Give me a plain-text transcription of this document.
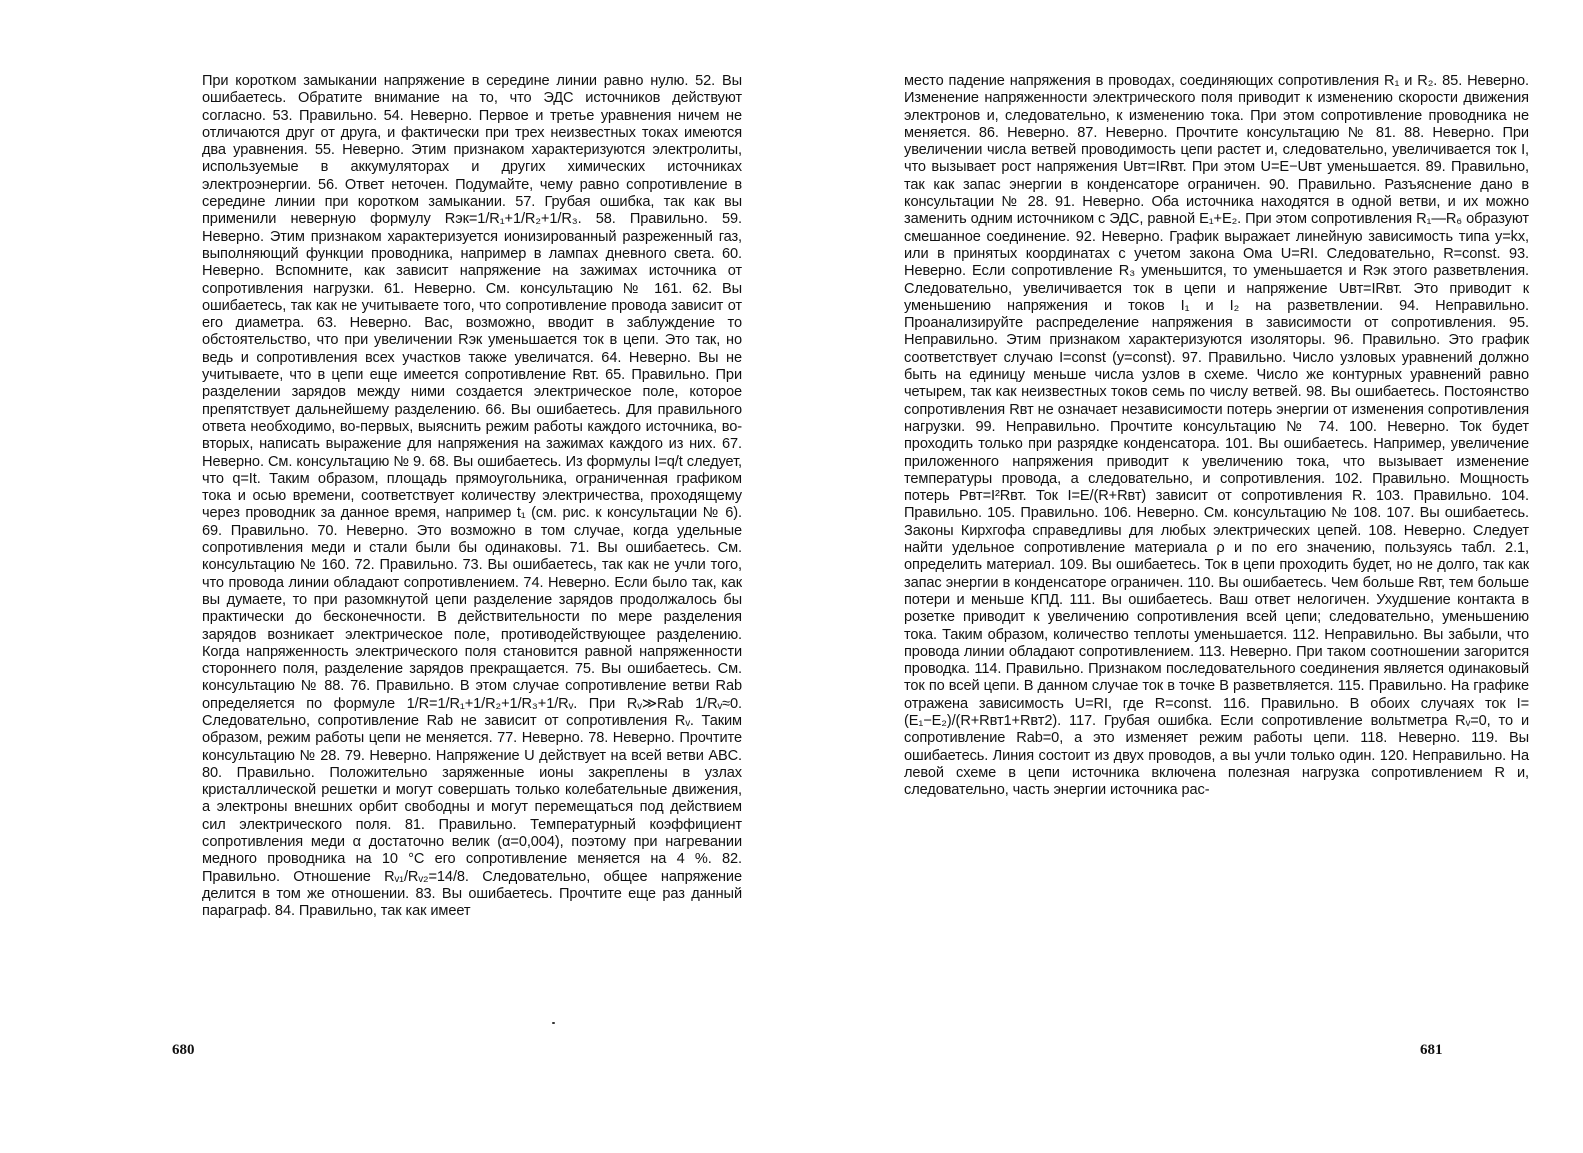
При коротком замыкании напряжение в середине линии равно нулю. 52. Вы ошибаетесь. Обратите внимание на то, что ЭДС источников действуют согласно. 53. Правильно. 54. Неверно. Первое и третье уравнения ничем не отличаются друг от друга, и фактически при трех неизвестных токах имеются два уравнения. 55. Неверно. Этим признаком характеризуются электролиты, используемые в аккумуляторах и других химических источниках электроэнергии. 56. Ответ неточен. Подумайте, чему равно сопротивление в середине линии при коротком замыкании. 57. Грубая ошибка, так как вы применили неверную формулу Rэк=1/R₁+1/R₂+1/R₃. 58. Правильно. 59. Неверно. Этим признаком характеризуется ионизированный разреженный газ, выполняющий функции проводника, например в лампах дневного света. 60. Неверно. Вспомните, как зависит напряжение на зажимах источника от сопротивления нагрузки. 61. Неверно. См. консультацию № 161. 62. Вы ошибаетесь, так как не учитываете того, что сопротивление провода зависит от его диаметра. 63. Неверно. Вас, возможно, вводит в заблуждение то обстоятельство, что при увеличении Rэк уменьшается ток в цепи. Это так, но ведь и сопротивления всех участков также увеличатся. 64. Неверно. Вы не учитываете, что в цепи еще имеется сопротивление Rвт. 65. Правильно. При разделении зарядов между ними создается электрическое поле, которое препятствует дальнейшему разделению. 66. Вы ошибаетесь. Для правильного ответа необходимо, во-первых, выяснить режим работы каждого источника, во-вторых, написать выражение для напряжения на зажимах каждого из них. 67. Неверно. См. консультацию № 9. 68. Вы ошибаетесь. Из формулы I=q/t следует, что q=It. Таким образом, площадь прямоугольника, ограниченная графиком тока и осью времени, соответствует количеству электричества, проходящему через проводник за данное время, например t₁ (см. рис. к консультации № 6). 69. Правильно. 70. Неверно. Это возможно в том случае, когда удельные сопротивления меди и стали были бы одинаковы. 71. Вы ошибаетесь. См. консультацию № 160. 72. Правильно. 73. Вы ошибаетесь, так как не учли того, что провода линии обладают сопротивлением. 74. Неверно. Если было так, как вы думаете, то при разомкнутой цепи разделение зарядов продолжалось бы практически до бесконечности. В действительности по мере разделения зарядов возникает электрическое поле, противодействующее разделению. Когда напряженность электрического поля становится равной напряженности стороннего поля, разделение зарядов прекращается. 75. Вы ошибаетесь. См. консультацию № 88. 76. Правильно. В этом случае сопротивление ветви Rab определяется по формуле 1/R=1/R₁+1/R₂+1/R₃+1/Rᵥ. При Rᵥ≫Rab 1/Rᵥ≈0. Следовательно, сопротивление Rab не зависит от сопротивления Rᵥ. Таким образом, режим работы цепи не меняется. 77. Неверно. 78. Неверно. Прочтите консультацию № 28. 79. Неверно. Напряжение U действует на всей ветви ABC. 80. Правильно. Положительно заряженные ионы закреплены в узлах кристаллической решетки и могут совершать только колебательные движения, а электроны внешних орбит свободны и могут перемещаться под действием сил электрического поля. 81. Правильно. Температурный коэффициент сопротивления меди α достаточно велик (α=0,004), поэтому при нагревании медного проводника на 10 °С его сопротивление меняется на 4 %. 82. Правильно. Отношение Rᵥ₁/Rᵥ₂=14/8. Следовательно, общее напряжение делится в том же отношении. 83. Вы ошибаетесь. Прочтите еще раз данный параграф. 84. Правильно, так как имеет
680
место падение напряжения в проводах, соединяющих сопротивления R₁ и R₂. 85. Неверно. Изменение напряженности электрического поля приводит к изменению скорости движения электронов и, следовательно, к изменению тока. При этом сопротивление проводника не меняется. 86. Неверно. 87. Неверно. Прочтите консультацию № 81. 88. Неверно. При увеличении числа ветвей проводимость цепи растет и, следовательно, увеличивается ток I, что вызывает рост напряжения Uвт=IRвт. При этом U=E−Uвт уменьшается. 89. Правильно, так как запас энергии в конденсаторе ограничен. 90. Правильно. Разъяснение дано в консультации № 28. 91. Неверно. Оба источника находятся в одной ветви, и их можно заменить одним источником с ЭДС, равной E₁+E₂. При этом сопротивления R₁—R₆ образуют смешанное соединение. 92. Неверно. График выражает линейную зависимость типа y=kx, или в принятых координатах с учетом закона Ома U=RI. Следовательно, R=const. 93. Неверно. Если сопротивление R₃ уменьшится, то уменьшается и Rэк этого разветвления. Следовательно, увеличивается ток в цепи и напряжение Uвт=IRвт. Это приводит к уменьшению напряжения и токов I₁ и I₂ на разветвлении. 94. Неправильно. Проанализируйте распределение напряжения в зависимости от сопротивления. 95. Неправильно. Этим признаком характеризуются изоляторы. 96. Правильно. Это график соответствует случаю I=const (y=const). 97. Правильно. Число узловых уравнений должно быть на единицу меньше числа узлов в схеме. Число же контурных уравнений равно четырем, так как неизвестных токов семь по числу ветвей. 98. Вы ошибаетесь. Постоянство сопротивления Rвт не означает независимости потерь энергии от изменения сопротивления нагрузки. 99. Неправильно. Прочтите консультацию № 74. 100. Неверно. Ток будет проходить только при разрядке конденсатора. 101. Вы ошибаетесь. Например, увеличение приложенного напряжения приводит к увеличению тока, что вызывает изменение температуры провода, а следовательно, и сопротивления. 102. Правильно. Мощность потерь Pвт=I²Rвт. Ток I=E/(R+Rвт) зависит от сопротивления R. 103. Правильно. 104. Правильно. 105. Правильно. 106. Неверно. См. консультацию № 108. 107. Вы ошибаетесь. Законы Кирхгофа справедливы для любых электрических цепей. 108. Неверно. Следует найти удельное сопротивление материала ρ и по его значению, пользуясь табл. 2.1, определить материал. 109. Вы ошибаетесь. Ток в цепи проходить будет, но не долго, так как запас энергии в конденсаторе ограничен. 110. Вы ошибаетесь. Чем больше Rвт, тем больше потери и меньше КПД. 111. Вы ошибаетесь. Ваш ответ нелогичен. Ухудшение контакта в розетке приводит к увеличению сопротивления всей цепи; следовательно, уменьшению тока. Таким образом, количество теплоты уменьшается. 112. Неправильно. Вы забыли, что провода линии обладают сопротивлением. 113. Неверно. При таком соотношении загорится проводка. 114. Правильно. Признаком последовательного соединения является одинаковый ток по всей цепи. В данном случае ток в точке B разветвляется. 115. Правильно. На графике отражена зависимость U=RI, где R=const. 116. Правильно. В обоих случаях ток I=(E₁−E₂)/(R+Rвт1+Rвт2). 117. Грубая ошибка. Если сопротивление вольтметра Rᵥ=0, то и сопротивление Rab=0, а это изменяет режим работы цепи. 118. Неверно. 119. Вы ошибаетесь. Линия состоит из двух проводов, а вы учли только один. 120. Неправильно. На левой схеме в цепи источника включена полезная нагрузка сопротивлением R и, следовательно, часть энергии источника рас-
681
